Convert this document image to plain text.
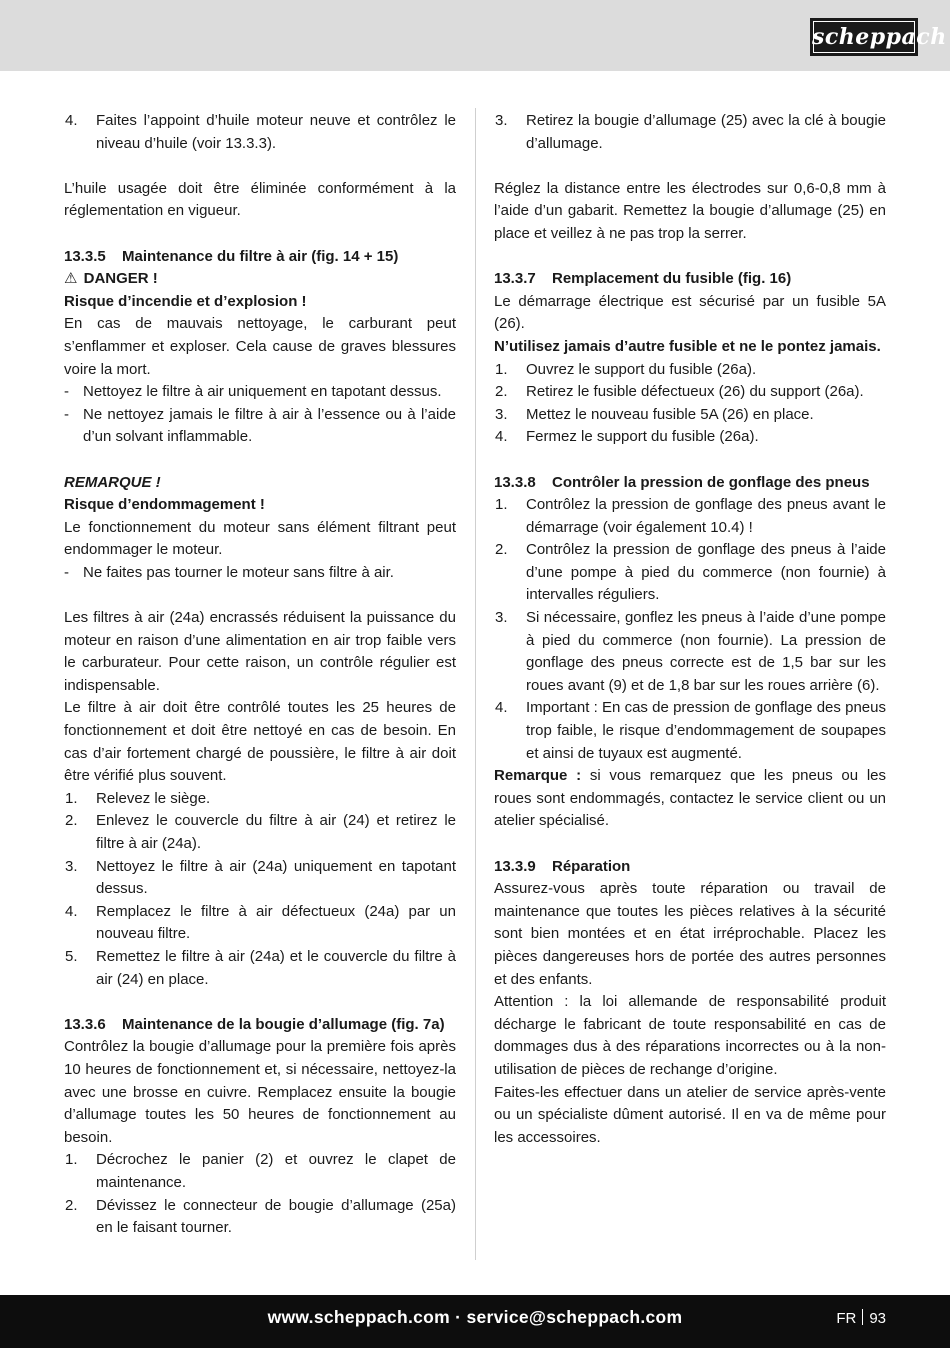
scheppach
4. Faites l’appoint d’huile moteur neuve et contrôlez le niveau d’huile (voir 13.3.3).

L’huile usagée doit être éliminée conformément à la réglementation en vigueur.

13.3.5 Maintenance du filtre à air (fig. 14 + 15)

⚠ DANGER !

Risque d’incendie et d’explosion !

En cas de mauvais nettoyage, le carburant peut s’enflammer et exploser. Cela cause de graves blessures voire la mort.

- Nettoyez le filtre à air uniquement en tapotant dessus.
- Ne nettoyez jamais le filtre à air à l’essence ou à l’aide d’un solvant inflammable.

REMARQUE !

Risque d’endommagement !

Le fonctionnement du moteur sans élément filtrant peut endommager le moteur.

- Ne faites pas tourner le moteur sans filtre à air.

Les filtres à air (24a) encrassés réduisent la puissance du moteur en raison d’une alimentation en air trop faible vers le carburateur. Pour cette raison, un contrôle régulier est indispensable.

Le filtre à air doit être contrôlé toutes les 25 heures de fonctionnement et doit être nettoyé en cas de besoin. En cas d’air fortement chargé de poussière, le filtre à air doit être vérifié plus souvent.

1. Relevez le siège.
2. Enlevez le couvercle du filtre à air (24) et retirez le filtre à air (24a).
3. Nettoyez le filtre à air (24a) uniquement en tapotant dessus.
4. Remplacez le filtre à air défectueux (24a) par un nouveau filtre.
5. Remettez le filtre à air (24a) et le couvercle du filtre à air (24) en place.

13.3.6 Maintenance de la bougie d’allumage (fig. 7a)

Contrôlez la bougie d’allumage pour la première fois après 10 heures de fonctionnement et, si nécessaire, nettoyez-la avec une brosse en cuivre. Remplacez ensuite la bougie d’allumage toutes les 50 heures de fonctionnement au besoin.

1. Décrochez le panier (2) et ouvrez le clapet de maintenance.
2. Dévissez le connecteur de bougie d’allumage (25a) en le faisant tourner.
3. Retirez la bougie d’allumage (25) avec la clé à bougie d’allumage.

Réglez la distance entre les électrodes sur 0,6-0,8 mm à l’aide d’un gabarit. Remettez la bougie d’allumage (25) en place et veillez à ne pas trop la serrer.

13.3.7 Remplacement du fusible (fig. 16)

Le démarrage électrique est sécurisé par un fusible 5A (26).

N’utilisez jamais d’autre fusible et ne le pontez jamais.

1. Ouvrez le support du fusible (26a).
2. Retirez le fusible défectueux (26) du support (26a).
3. Mettez le nouveau fusible 5A (26) en place.
4. Fermez le support du fusible (26a).

13.3.8 Contrôler la pression de gonflage des pneus

1. Contrôlez la pression de gonflage des pneus avant le démarrage (voir également 10.4) !
2. Contrôlez la pression de gonflage des pneus à l’aide d’une pompe à pied du commerce (non fournie) à intervalles réguliers.
3. Si nécessaire, gonflez les pneus à l’aide d’une pompe à pied du commerce (non fournie). La pression de gonflage des pneus correcte est de 1,5 bar sur les roues avant (9) et de 1,8 bar sur les roues arrière (6).
4. Important : En cas de pression de gonflage des pneus trop faible, le risque d’endommagement de soupapes et ainsi de tuyaux est augmenté.

Remarque : si vous remarquez que les pneus ou les roues sont endommagés, contactez le service client ou un atelier spécialisé.

13.3.9 Réparation

Assurez-vous après toute réparation ou travail de maintenance que toutes les pièces relatives à la sécurité sont bien montées et en état irréprochable. Placez les pièces dangereuses hors de portée des autres personnes et des enfants.

Attention : la loi allemande de responsabilité produit décharge le fabricant de toute responsabilité en cas de dommages dus à des réparations incorrectes ou à la non-utilisation de pièces de rechange d’origine.

Faites-les effectuer dans un atelier de service après-vente ou un spécialiste dûment autorisé. Il en va de même pour les accessoires.

www.scheppach.com · service@scheppach.com	FR 93
